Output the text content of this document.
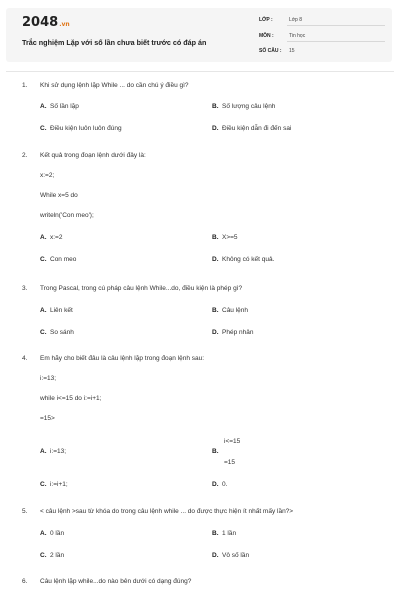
2048.vn
Trắc nghiệm Lặp với số lần chưa biết trước có đáp án
LỚP :	Lớp 8
MÔN :	Tin học
SỐ CÂU : 15
1. Khi sử dụng lệnh lặp While ... do cần chú ý điều gì?
A. Số lần lặp	B. Số lượng câu lệnh
C. Điều kiện luôn luôn đúng	D. Điều kiện dẫn đi đến sai
2. Kết quả trong đoạn lệnh dưới đây là:
x:=2;
While x=5 do
writeln('Con meo');
A. x:=2	B. X>=5
C. Con meo	D. Không có kết quả.
3. Trong Pascal, trong cú pháp câu lệnh While...do, điều kiện là phép gì?
A. Liên kết	B. Câu lệnh
C. So sánh	D. Phép nhân
4. Em hãy cho biết đâu là câu lệnh lặp trong đoạn lệnh sau:
i:=13;
while i<=15 do i:=i+1;
=15>
A. i:=13;	B.
i<=15
=15
C. i:=i+1;	D. 0.
5. < câu lệnh >sau từ khóa do trong câu lệnh while ... do được thực hiện ít nhất mấy lần?>
A. 0 lần	B. 1 lần
C. 2 lần	D. Vô số lần
6. Câu lệnh lặp while...do nào bên dưới có dạng đúng?
